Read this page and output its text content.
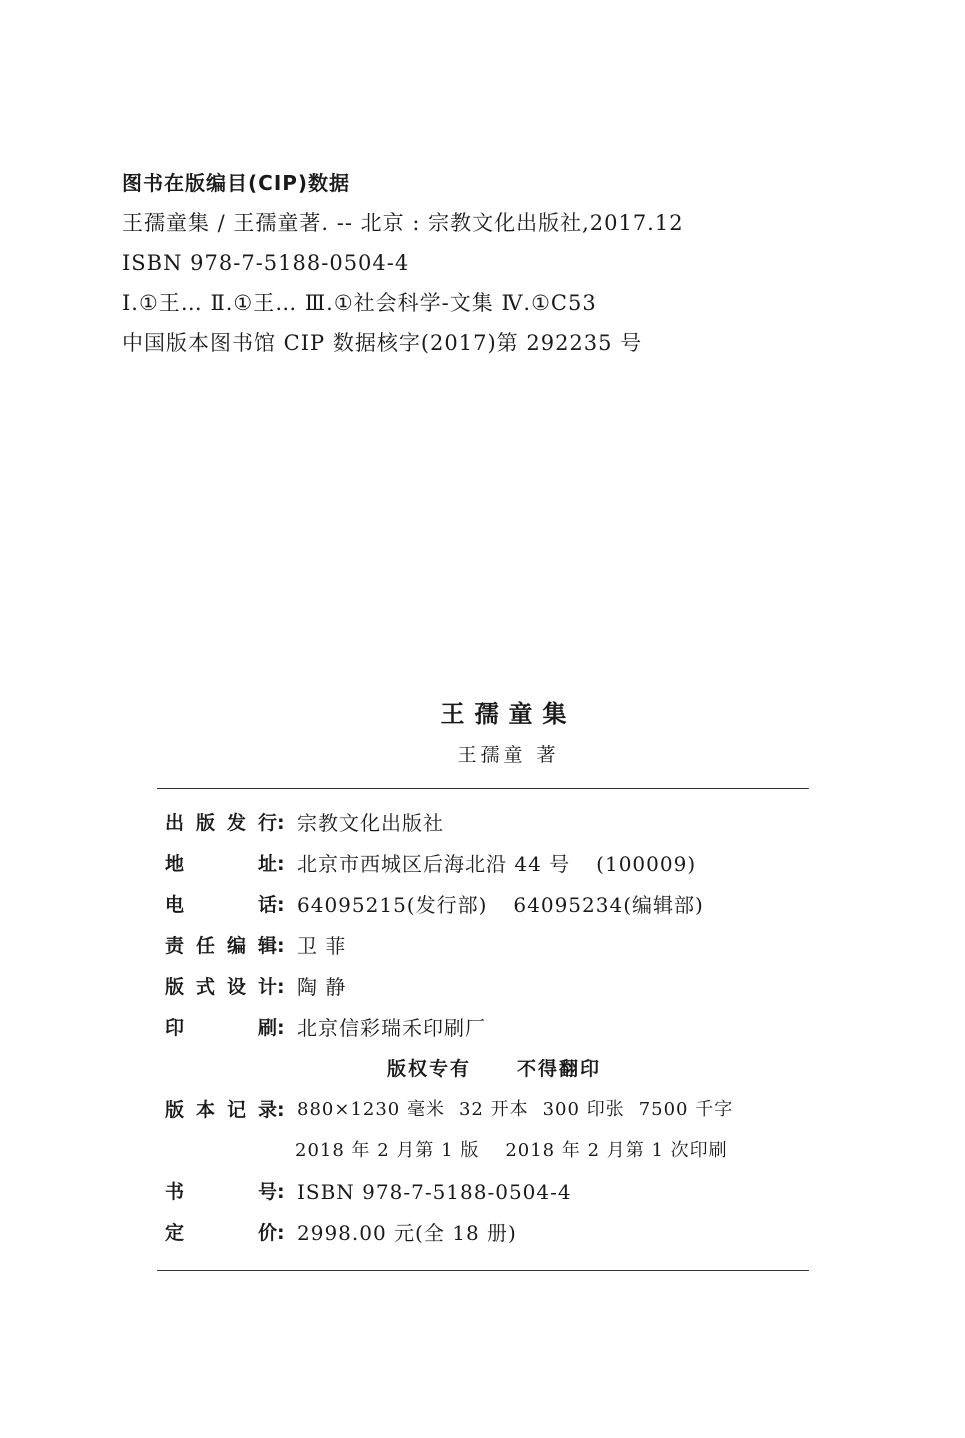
图书在版编目(CIP)数据
王孺童集 / 王孺童著. -- 北京 : 宗教文化出版社,2017.12
ISBN 978-7-5188-0504-4
Ⅰ.①王… Ⅱ.①王… Ⅲ.①社会科学-文集 Ⅳ.①C53
中国版本图书馆 CIP 数据核字(2017)第 292235 号
王孺童集
王孺童 著
出版发行 : 宗教文化出版社
地址 : 北京市西城区后海北沿 44 号 (100009)
电话 : 64095215(发行部) 64095234(编辑部)
责任编辑 : 卫 菲
版式设计 : 陶 静
印刷 : 北京信彩瑞禾印刷厂
版权专有 不得翻印
版本记录 : 880×1230 毫米 32 开本 300 印张 7500 千字
2018 年 2 月第 1 版 2018 年 2 月第 1 次印刷
书号 : ISBN 978-7-5188-0504-4
定价 : 2998.00 元(全 18 册)
